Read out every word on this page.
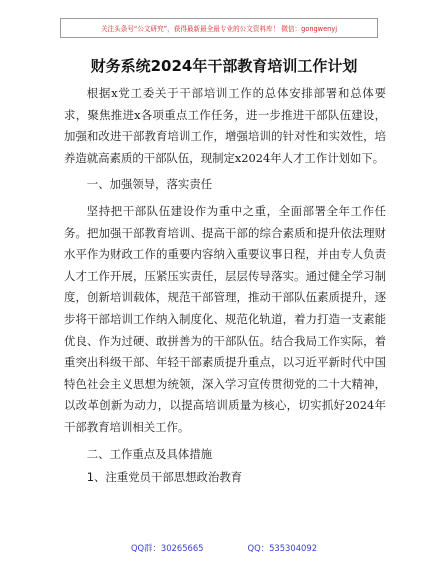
关注头条号“公文研究”，获得最新最全最专业的公文资料库！ 微信：gongwenyj
财务系统2024年干部教育培训工作计划

根据x党工委关于干部培训工作的总体安排部署和总体要求，聚焦推进x各项重点工作任务，进一步推进干部队伍建设，加强和改进干部教育培训工作，增强培训的针对性和实效性，培养造就高素质的干部队伍，现制定x2024年人才工作计划如下。

一、加强领导，落实责任

坚持把干部队伍建设作为重中之重，全面部署全年工作任务。把加强干部教育培训、提高干部的综合素质和提升依法理财水平作为财政工作的重要内容纳入重要议事日程，并由专人负责人才工作开展，压紧压实责任，层层传导落实。通过健全学习制度，创新培训载体，规范干部管理，推动干部队伍素质提升，逐步将干部培训工作纳入制度化、规范化轨道，着力打造一支素能优良、作为过硬、敢拼善为的干部队伍。结合我局工作实际，着重突出科级干部、年轻干部素质提升重点，以习近平新时代中国特色社会主义思想为统领，深入学习宣传贯彻党的二十大精神，以改革创新为动力，以提高培训质量为核心，切实抓好2024年干部教育培训相关工作。

二、工作重点及具体措施

1、注重党员干部思想政治教育

QQ群：30265665	QQ：535304092
